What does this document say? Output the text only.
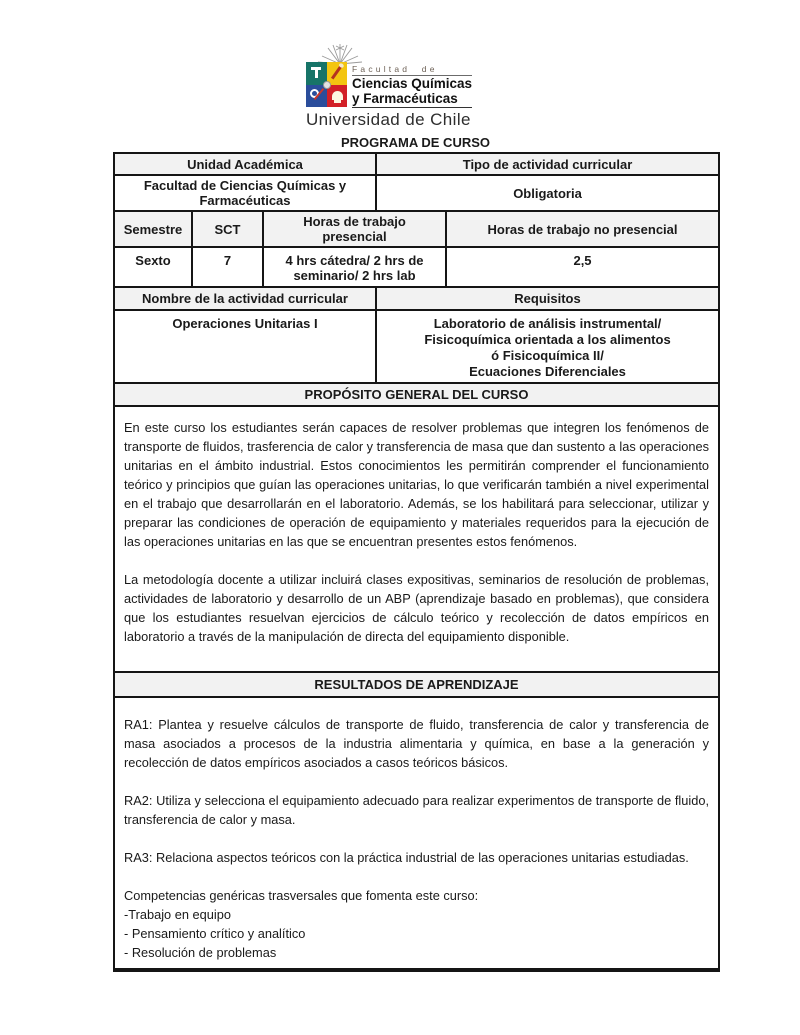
Facultad de
Ciencias Químicas
y Farmacéuticas
Universidad de Chile
PROGRAMA DE CURSO
Unidad Académica			Tipo de actividad curricular	
Facultad de Ciencias Químicas y Farmacéuticas			Obligatoria	
Semestre	SCT	Horas de trabajo presencial		Horas de trabajo no presencial
Sexto	7	4 hrs cátedra/ 2 hrs de seminario/ 2 hrs lab		2,5
Nombre de la actividad curricular			Requisitos	
Operaciones Unitarias I			Laboratorio de análisis instrumental/
Fisicoquímica orientada a los alimentos
ó Fisicoquímica II/
Ecuaciones Diferenciales	

PROPÓSITO GENERAL DEL CURSO				

En este curso los estudiantes serán capaces de resolver problemas que integren los fenómenos de transporte de fluidos, trasferencia de calor y transferencia de masa que dan sustento a las operaciones unitarias en el ámbito industrial. Estos conocimientos les permitirán comprender el funcionamiento teórico y principios que guían las operaciones unitarias, lo que verificarán también a nivel experimental en el trabajo que desarrollarán en el laboratorio. Además, se los habilitará para seleccionar, utilizar y preparar las condiciones de operación de equipamiento y materiales requeridos para la ejecución de las operaciones unitarias en las que se encuentran presentes estos fenómenos.

La metodología docente a utilizar incluirá clases expositivas, seminarios de resolución de problemas, actividades de laboratorio y desarrollo de un ABP (aprendizaje basado en problemas), que considera que los estudiantes resuelvan ejercicios de cálculo teórico y recolección de datos empíricos en laboratorio a través de la manipulación de directa del equipamiento disponible.				

RESULTADOS DE APRENDIZAJE				

RA1: Plantea y resuelve cálculos de transporte de fluido, transferencia de calor y transferencia de masa asociados a procesos de la industria alimentaria y química, en base a la generación y recolección de datos empíricos asociados a casos teóricos básicos.

RA2: Utiliza y selecciona el equipamiento adecuado para realizar experimentos de transporte de fluido, transferencia de calor y masa.

RA3: Relaciona aspectos teóricos con la práctica industrial de las operaciones unitarias estudiadas.

Competencias genéricas trasversales que fomenta este curso:
-Trabajo en equipo
- Pensamiento crítico y analítico
- Resolución de problemas
